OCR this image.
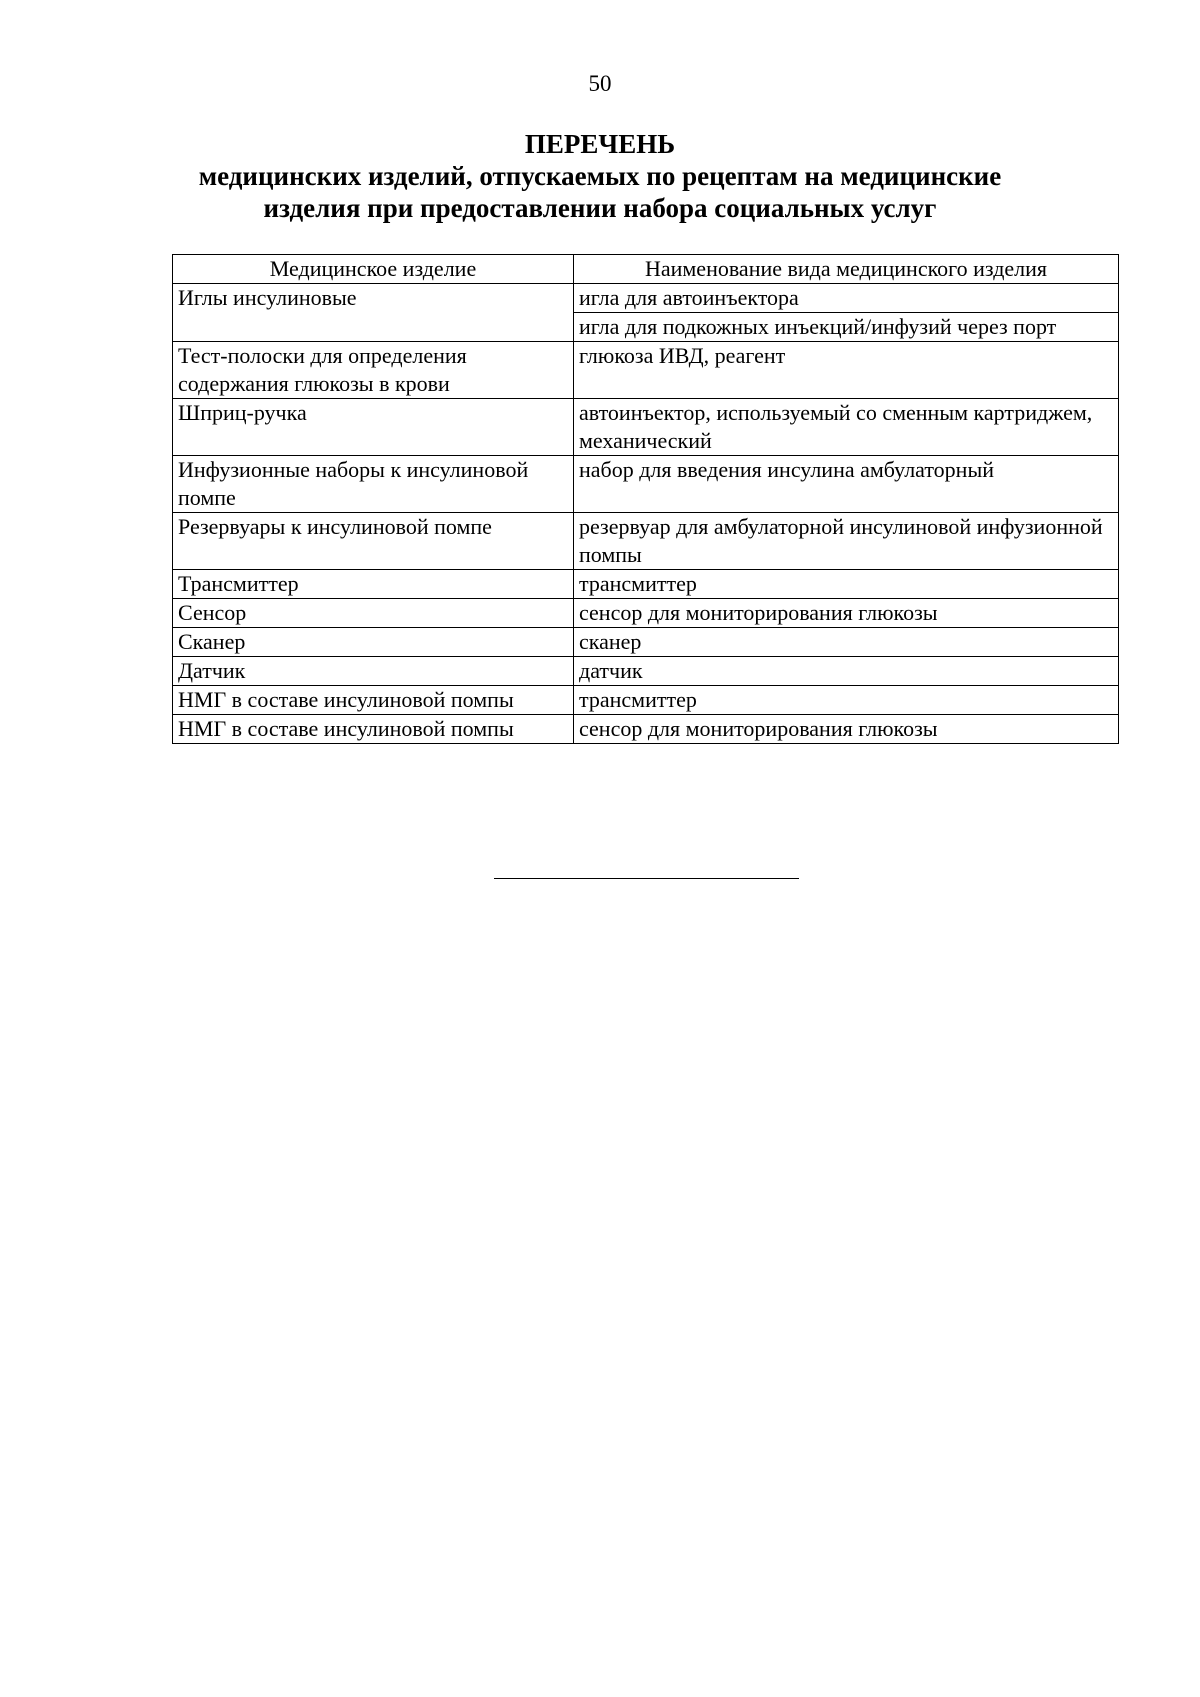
50
ПЕРЕЧЕНЬ
медицинских изделий, отпускаемых по рецептам на медицинские
изделия при предоставлении набора социальных услуг
Медицинское изделие	Наименование вида медицинского изделия
Иглы инсулиновые	игла для автоинъектора
игла для подкожных инъекций/инфузий через порт

Тест-полоски для определения содержания глюкозы в крови	глюкоза ИВД, реагент
Шприц-ручка	автоинъектор, используемый со сменным картриджем, механический
Инфузионные наборы к инсулиновой помпе	набор для введения инсулина амбулаторный
Резервуары к инсулиновой помпе	резервуар для амбулаторной инсулиновой инфузионной помпы
Трансмиттер	трансмиттер
Сенсор	сенсор для мониторирования глюкозы
Сканер	сканер
Датчик	датчик
НМГ в составе инсулиновой помпы	трансмиттер
НМГ в составе инсулиновой помпы	сенсор для мониторирования глюкозы
